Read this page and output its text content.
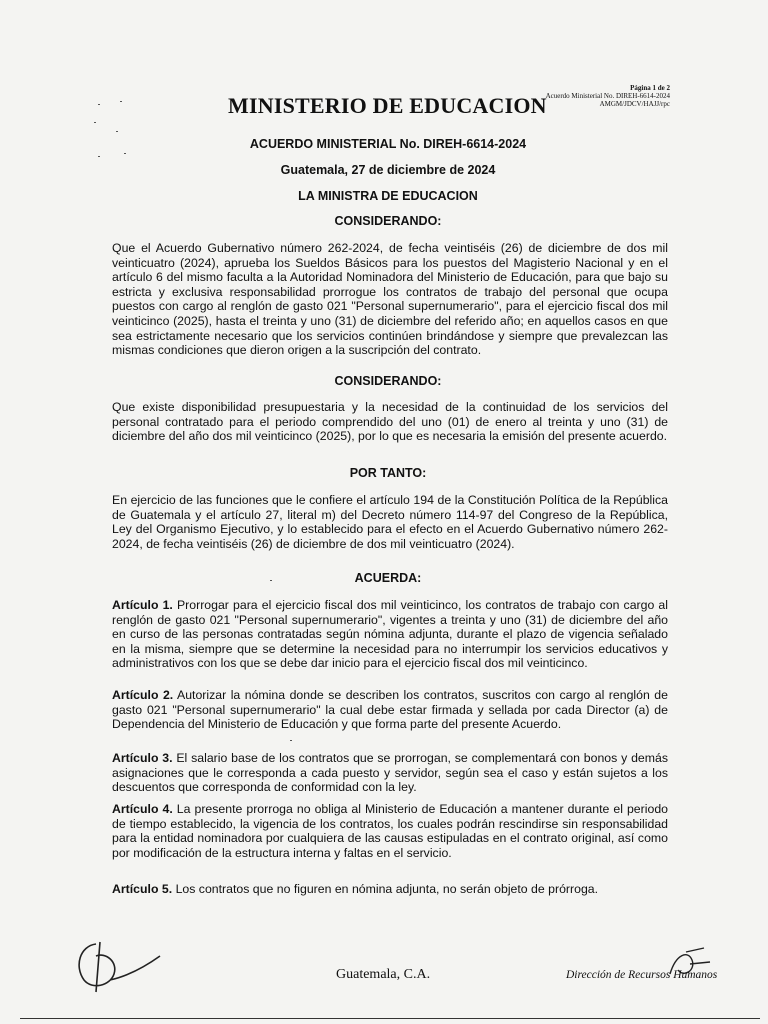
Página 1 de 2
Acuerdo Ministerial No. DIREH-6614-2024
AMGM/JDCV/HAJJ/rpc
MINISTERIO DE EDUCACION
ACUERDO MINISTERIAL No. DIREH-6614-2024
Guatemala, 27 de diciembre de 2024
LA MINISTRA DE EDUCACION
CONSIDERANDO:

Que el Acuerdo Gubernativo número 262-2024, de fecha veintiséis (26) de diciembre de dos mil veinticuatro (2024), aprueba los Sueldos Básicos para los puestos del Magisterio Nacional y en el artículo 6 del mismo faculta a la Autoridad Nominadora del Ministerio de Educación, para que bajo su estricta y exclusiva responsabilidad prorrogue los contratos de trabajo del personal que ocupa puestos con cargo al renglón de gasto 021 "Personal supernumerario", para el ejercicio fiscal dos mil veinticinco (2025), hasta el treinta y uno (31) de diciembre del referido año; en aquellos casos en que sea estrictamente necesario que los servicios continúen brindándose y siempre que prevalezcan las mismas condiciones que dieron origen a la suscripción del contrato.

CONSIDERANDO:

Que existe disponibilidad presupuestaria y la necesidad de la continuidad de los servicios del personal contratado para el periodo comprendido del uno (01) de enero al treinta y uno (31) de diciembre del año dos mil veinticinco (2025), por lo que es necesaria la emisión del presente acuerdo.

POR TANTO:

En ejercicio de las funciones que le confiere el artículo 194 de la Constitución Política de la República de Guatemala y el artículo 27, literal m) del Decreto número 114-97 del Congreso de la República, Ley del Organismo Ejecutivo, y lo establecido para el efecto en el Acuerdo Gubernativo número 262-2024, de fecha veintiséis (26) de diciembre de dos mil veinticuatro (2024).

ACUERDA:
Artículo 1. Prorrogar para el ejercicio fiscal dos mil veinticinco, los contratos de trabajo con cargo al renglón de gasto 021 "Personal supernumerario", vigentes a treinta y uno (31) de diciembre del año en curso de las personas contratadas según nómina adjunta, durante el plazo de vigencia señalado en la misma, siempre que se determine la necesidad para no interrumpir los servicios educativos y administrativos con los que se debe dar inicio para el ejercicio fiscal dos mil veinticinco.
Artículo 2. Autorizar la nómina donde se describen los contratos, suscritos con cargo al renglón de gasto 021 "Personal supernumerario" la cual debe estar firmada y sellada por cada Director (a) de Dependencia del Ministerio de Educación y que forma parte del presente Acuerdo.
Artículo 3. El salario base de los contratos que se prorrogan, se complementará con bonos y demás asignaciones que le corresponda a cada puesto y servidor, según sea el caso y están sujetos a los descuentos que corresponda de conformidad con la ley.
Artículo 4. La presente prorroga no obliga al Ministerio de Educación a mantener durante el periodo de tiempo establecido, la vigencia de los contratos, los cuales podrán rescindirse sin responsabilidad para la entidad nominadora por cualquiera de las causas estipuladas en el contrato original, así como por modificación de la estructura interna y faltas en el servicio.
Artículo 5. Los contratos que no figuren en nómina adjunta, no serán objeto de prórroga.
Guatemala, C.A.	Dirección de Recursos Humanos
